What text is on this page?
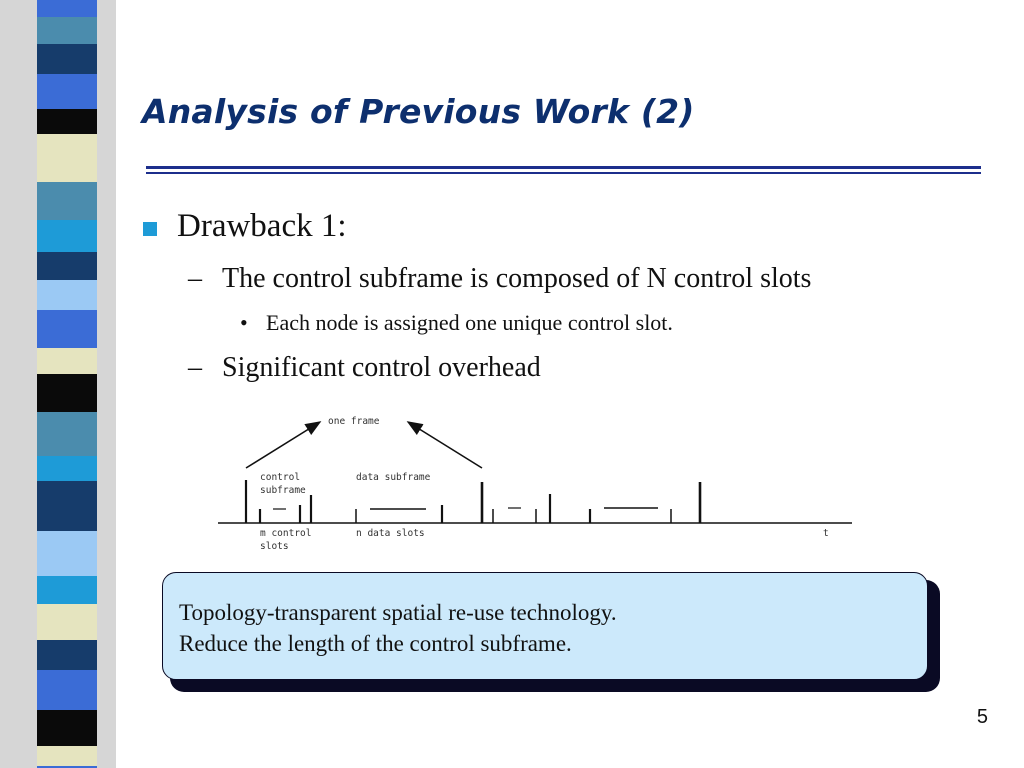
Analysis of Previous Work (2)
Drawback 1:
– The control subframe is composed of N control slots
• Each node is assigned one unique control slot.
– Significant control overhead
one frame
control
subframe
data subframe
m control
slots
n data slots	t
Topology-transparent spatial re-use technology.
Reduce the length of the control subframe.
5
